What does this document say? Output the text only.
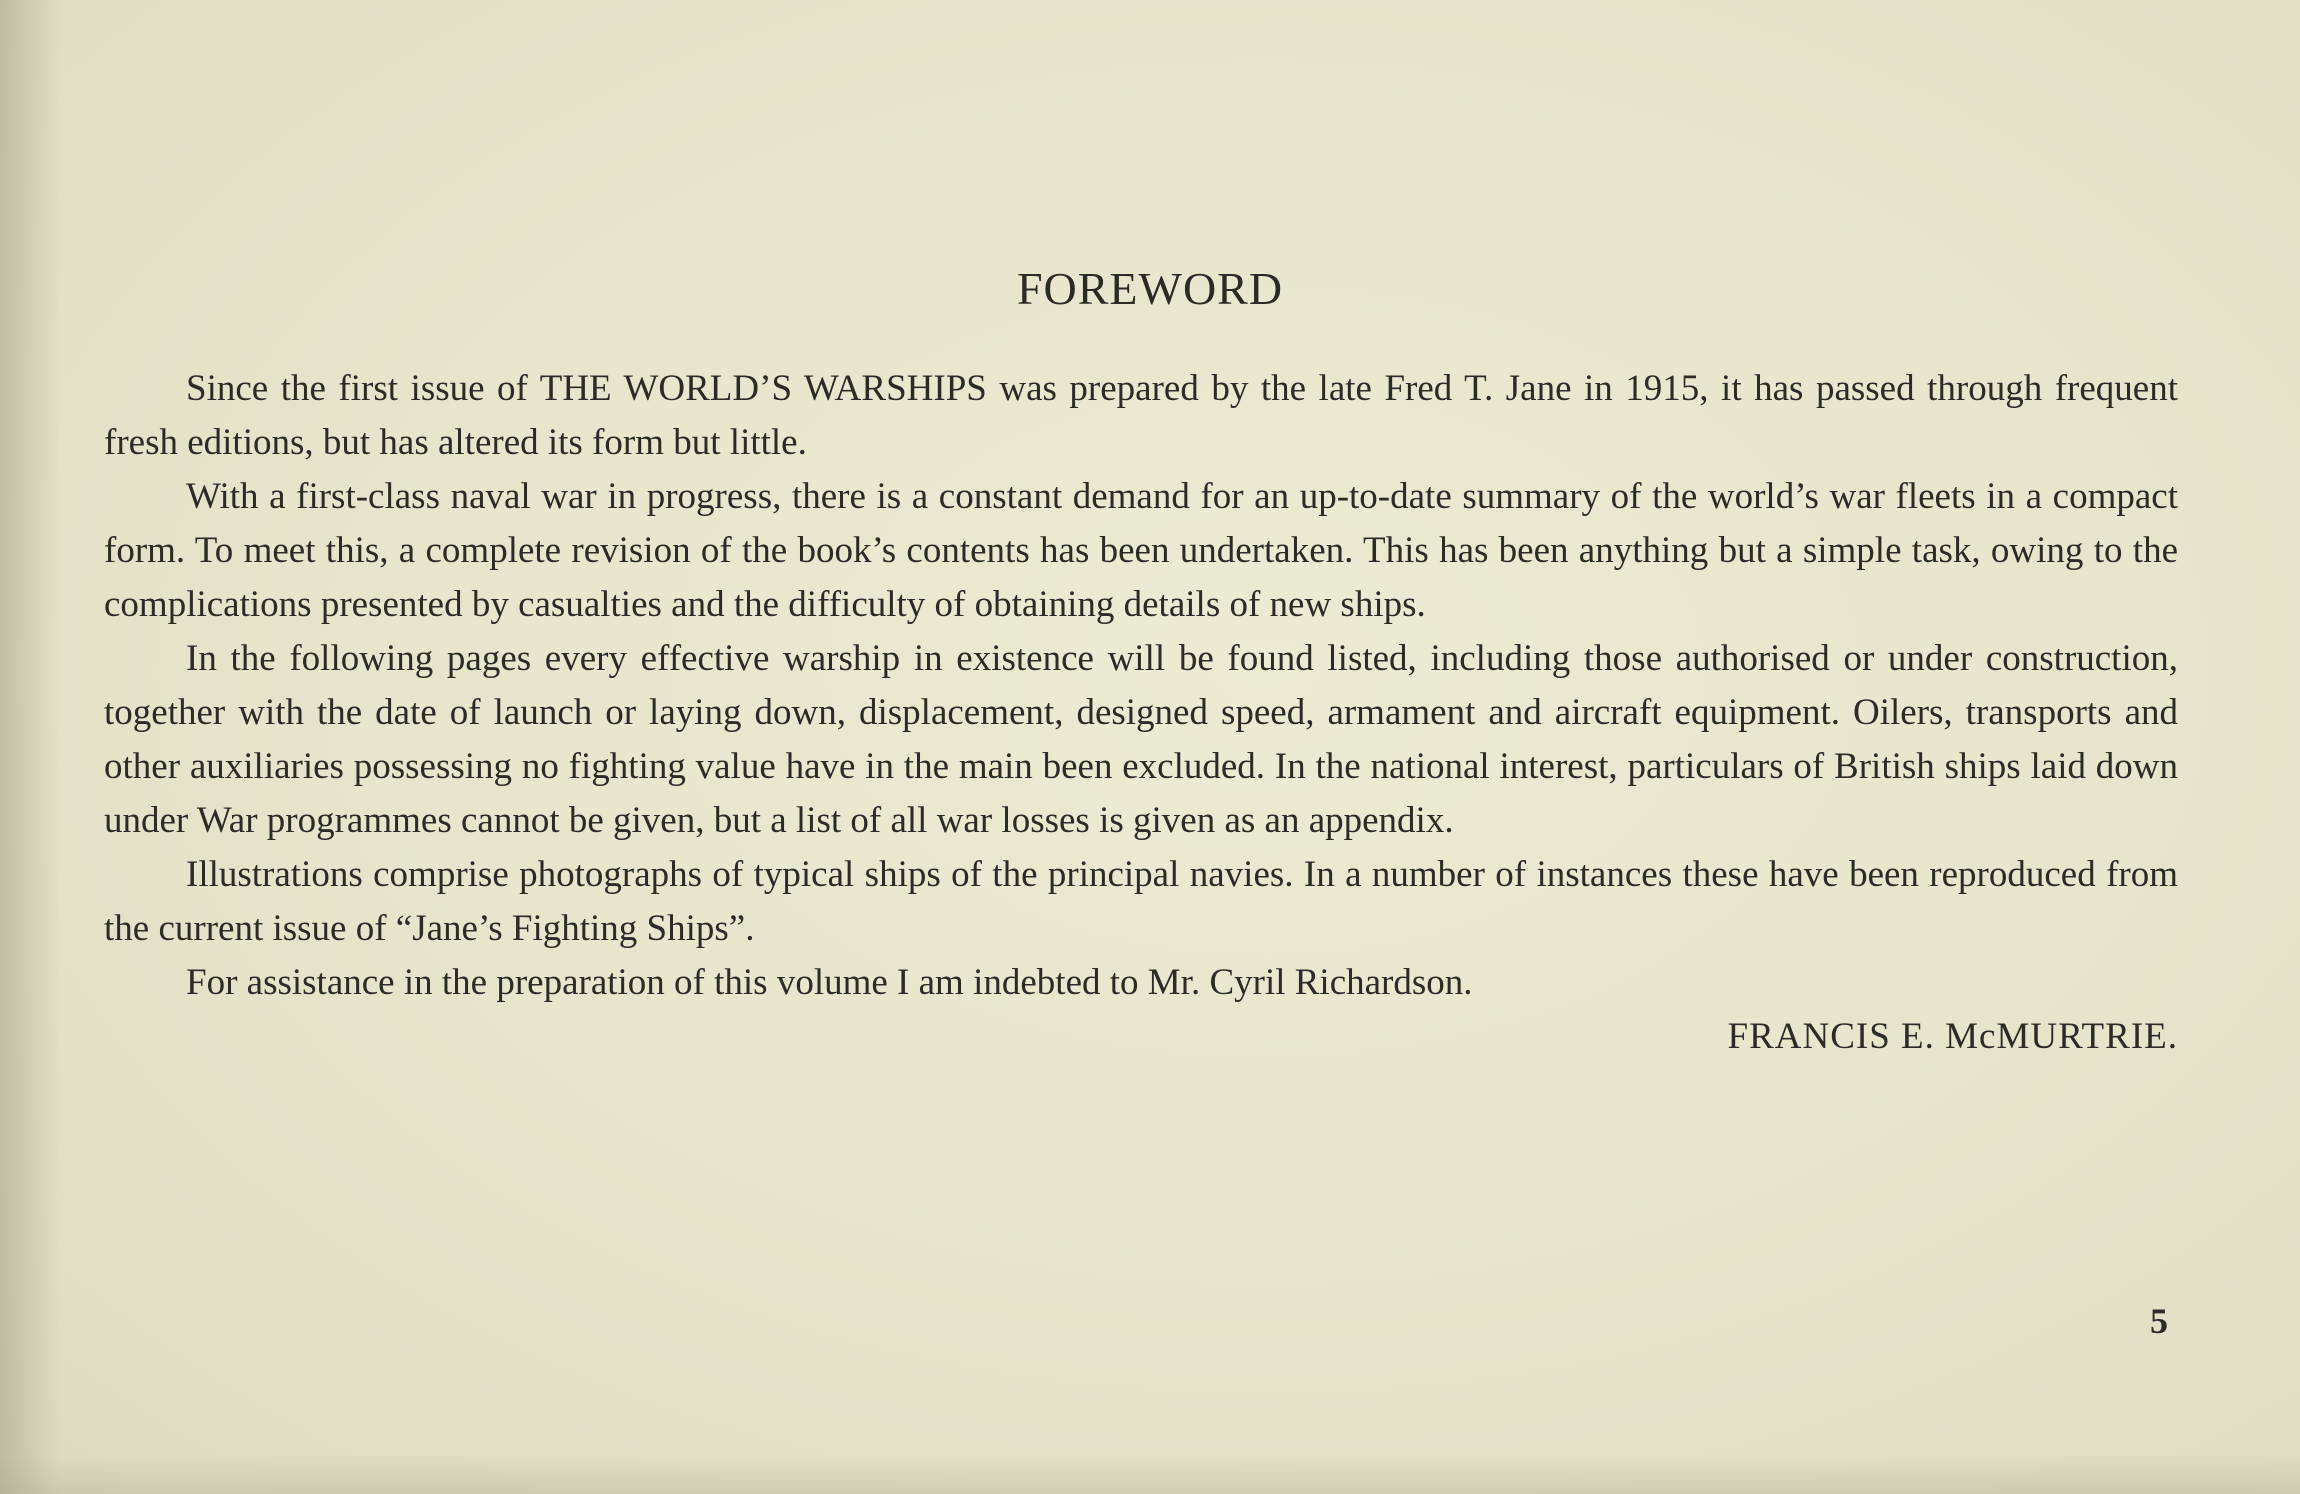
FOREWORD

Since the first issue of THE WORLD’S WARSHIPS was prepared by the late Fred T. Jane in 1915, it has passed through frequent fresh editions, but has altered its form but little.

With a first-class naval war in progress, there is a constant demand for an up-to-date summary of the world’s war fleets in a compact form. To meet this, a complete revision of the book’s contents has been undertaken. This has been anything but a simple task, owing to the complications presented by casualties and the difficulty of obtaining details of new ships.

In the following pages every effective warship in existence will be found listed, including those authorised or under construction, together with the date of launch or laying down, displacement, designed speed, armament and aircraft equipment. Oilers, transports and other auxiliaries possessing no fighting value have in the main been excluded. In the national interest, particulars of British ships laid down under War programmes cannot be given, but a list of all war losses is given as an appendix.

Illustrations comprise photographs of typical ships of the principal navies. In a number of instances these have been reproduced from the current issue of “Jane’s Fighting Ships”.

For assistance in the preparation of this volume I am indebted to Mr. Cyril Richardson.

FRANCIS E. McMURTRIE.
5
